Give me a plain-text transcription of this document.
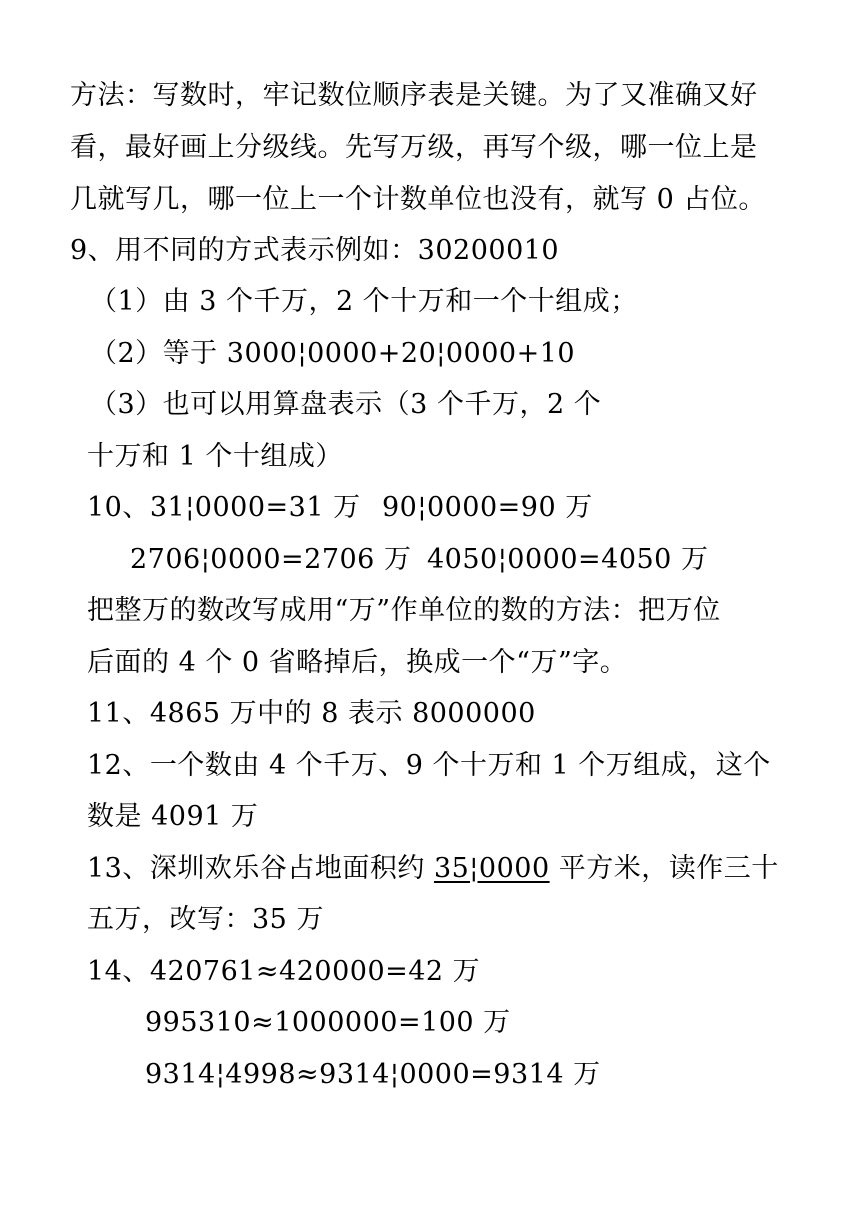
方法：写数时，牢记数位顺序表是关键。为了又准确又好
看，最好画上分级线。先写万级，再写个级，哪一位上是
几就写几，哪一位上一个计数单位也没有，就写 0 占位。
9、用不同的方式表示例如：30200010
（1）由 3 个千万，2 个十万和一个十组成；
（2）等于 3000¦0000+20¦0000+10
（3）也可以用算盘表示（3 个千万，2 个
十万和 1 个十组成）
10、31¦0000=31 万 90¦0000=90 万
2706¦0000=2706 万 4050¦0000=4050 万
把整万的数改写成用“万”作单位的数的方法：把万位
后面的 4 个 0 省略掉后，换成一个“万”字。
11、4865 万中的 8 表示 8000000
12、一个数由 4 个千万、9 个十万和 1 个万组成，这个
数是 4091 万
13、深圳欢乐谷占地面积约 35¦0000 平方米，读作三十
五万，改写：35 万
14、420761≈420000=42 万
995310≈1000000=100 万
9314¦4998≈9314¦0000=9314 万
